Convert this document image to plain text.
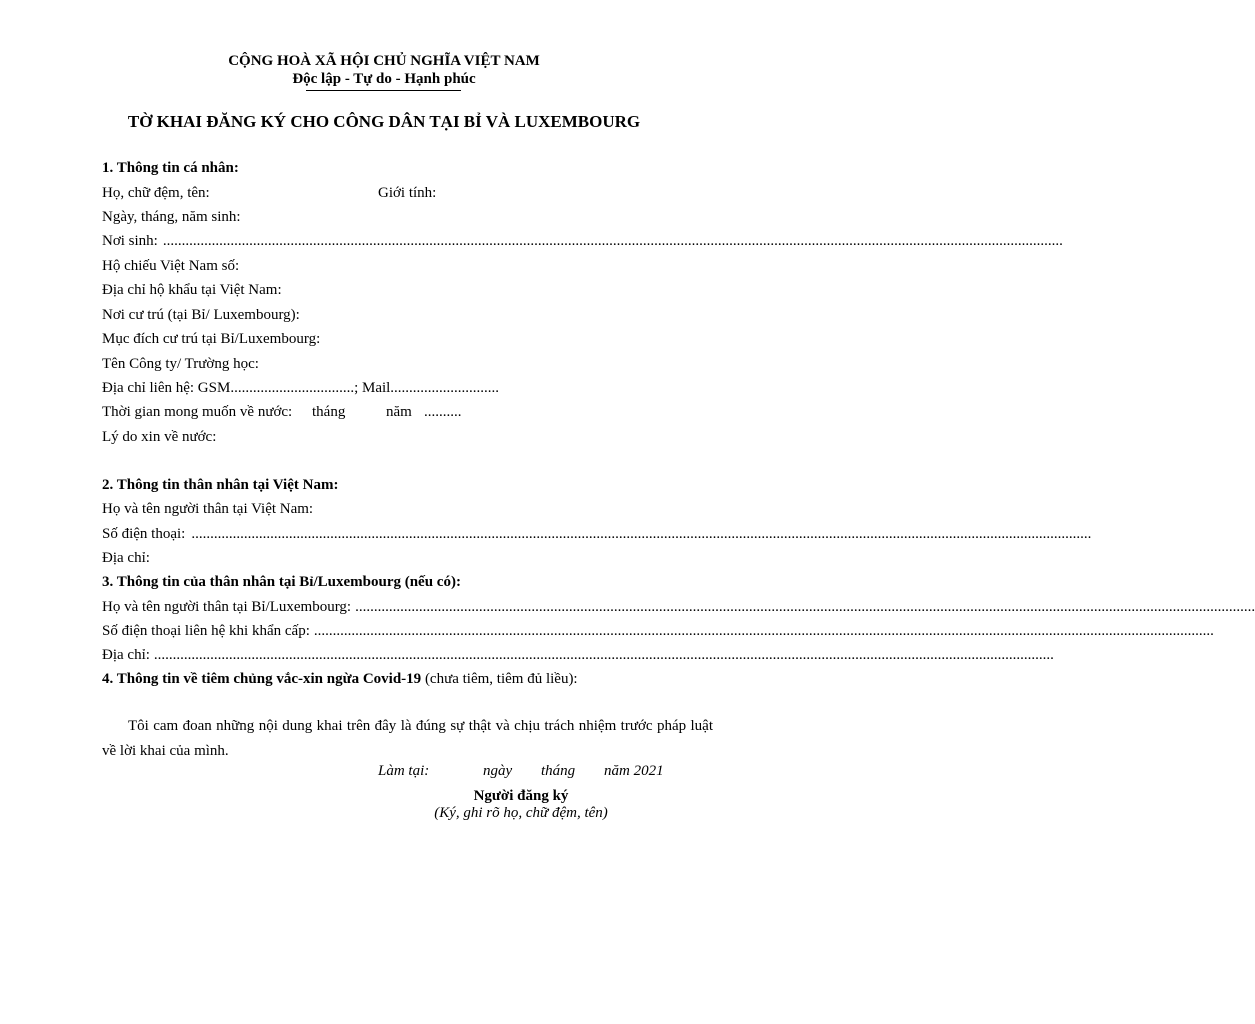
CỘNG HOÀ XÃ HỘI CHỦ NGHĨA VIỆT NAM
Độc lập - Tự do - Hạnh phúc
TỜ KHAI ĐĂNG KÝ CHO CÔNG DÂN TẠI BỈ VÀ LUXEMBOURG
1. Thông tin cá nhân:
Họ, chữ đệm, tên:	Giới tính:
Ngày, tháng, năm sinh:
Nơi sinh: ................................................................................................................................................................................................................................................
Hộ chiếu Việt Nam số:
Địa chỉ hộ khẩu tại Việt Nam:
Nơi cư trú (tại Bỉ/ Luxembourg):
Mục đích cư trú tại Bỉ/Luxembourg:
Tên Công ty/ Trường học:
Địa chỉ liên hệ: GSM.................................; Mail.............................
Thời gian mong muốn về nước: tháng	năm ..........
Lý do xin về nước:
2. Thông tin thân nhân tại Việt Nam:
Họ và tên người thân tại Việt Nam:
Số điện thoại: ................................................................................................................................................................................................................................................
Địa chỉ:
3. Thông tin của thân nhân tại Bỉ/Luxembourg (nếu có):
Họ và tên người thân tại Bỉ/Luxembourg: ................................................................................................................................................................................................................................................
Số điện thoại liên hệ khi khẩn cấp: ................................................................................................................................................................................................................................................
Địa chỉ: ................................................................................................................................................................................................................................................
4. Thông tin về tiêm chủng vắc-xin ngừa Covid-19 (chưa tiêm, tiêm đủ liều):
Tôi cam đoan những nội dung khai trên đây là đúng sự thật và chịu trách nhiệm trước pháp luật về lời khai của mình.
Làm tại:	ngày tháng năm 2021
Người đăng ký
(Ký, ghi rõ họ, chữ đệm, tên)
